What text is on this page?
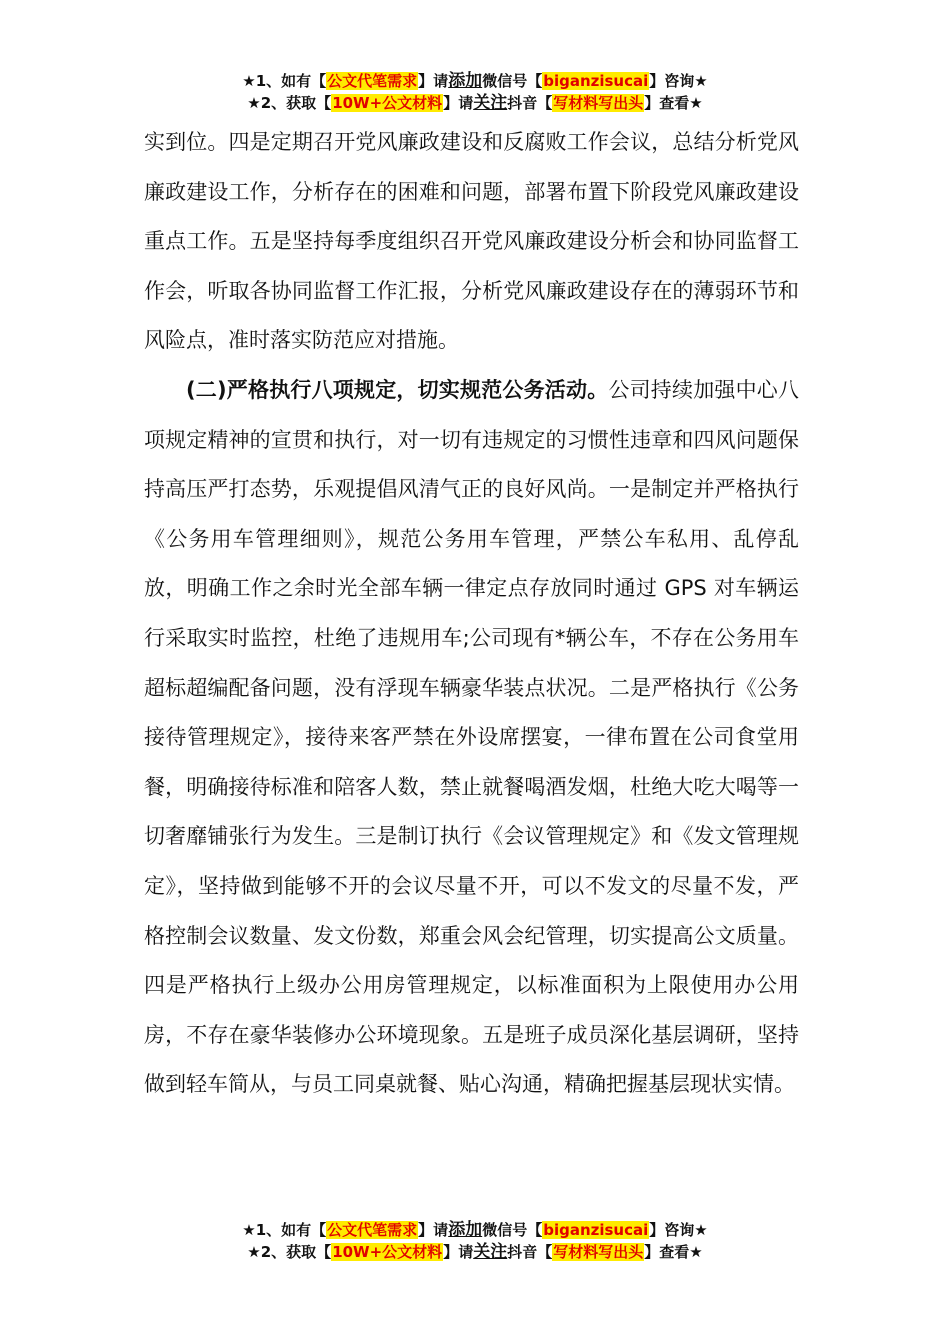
★1、如有【公文代笔需求】请添加微信号【biganzisucai】咨询★
★2、获取【10W+公文材料】请关注抖音【写材料写出头】查看★

实到位。四是定期召开党风廉政建设和反腐败工作会议，总结分析党风廉政建设工作，分析存在的困难和问题，部署布置下阶段党风廉政建设重点工作。五是坚持每季度组织召开党风廉政建设分析会和协同监督工作会，听取各协同监督工作汇报，分析党风廉政建设存在的薄弱环节和风险点，准时落实防范应对措施。

(二)严格执行八项规定，切实规范公务活动。公司持续加强中心八项规定精神的宣贯和执行，对一切有违规定的习惯性违章和四风问题保持高压严打态势，乐观提倡风清气正的良好风尚。一是制定并严格执行《公务用车管理细则》，规范公务用车管理，严禁公车私用、乱停乱放，明确工作之余时光全部车辆一律定点存放同时通过 GPS 对车辆运行采取实时监控，杜绝了违规用车;公司现有*辆公车，不存在公务用车超标超编配备问题，没有浮现车辆豪华装点状况。二是严格执行《公务接待管理规定》，接待来客严禁在外设席摆宴，一律布置在公司食堂用餐，明确接待标准和陪客人数，禁止就餐喝酒发烟，杜绝大吃大喝等一切奢靡铺张行为发生。三是制订执行《会议管理规定》和《发文管理规定》，坚持做到能够不开的会议尽量不开，可以不发文的尽量不发，严格控制会议数量、发文份数，郑重会风会纪管理，切实提高公文质量。四是严格执行上级办公用房管理规定，以标准面积为上限使用办公用房，不存在豪华装修办公环境现象。五是班子成员深化基层调研，坚持做到轻车简从，与员工同桌就餐、贴心沟通，精确把握基层现状实情。

★1、如有【公文代笔需求】请添加微信号【biganzisucai】咨询★
★2、获取【10W+公文材料】请关注抖音【写材料写出头】查看★
